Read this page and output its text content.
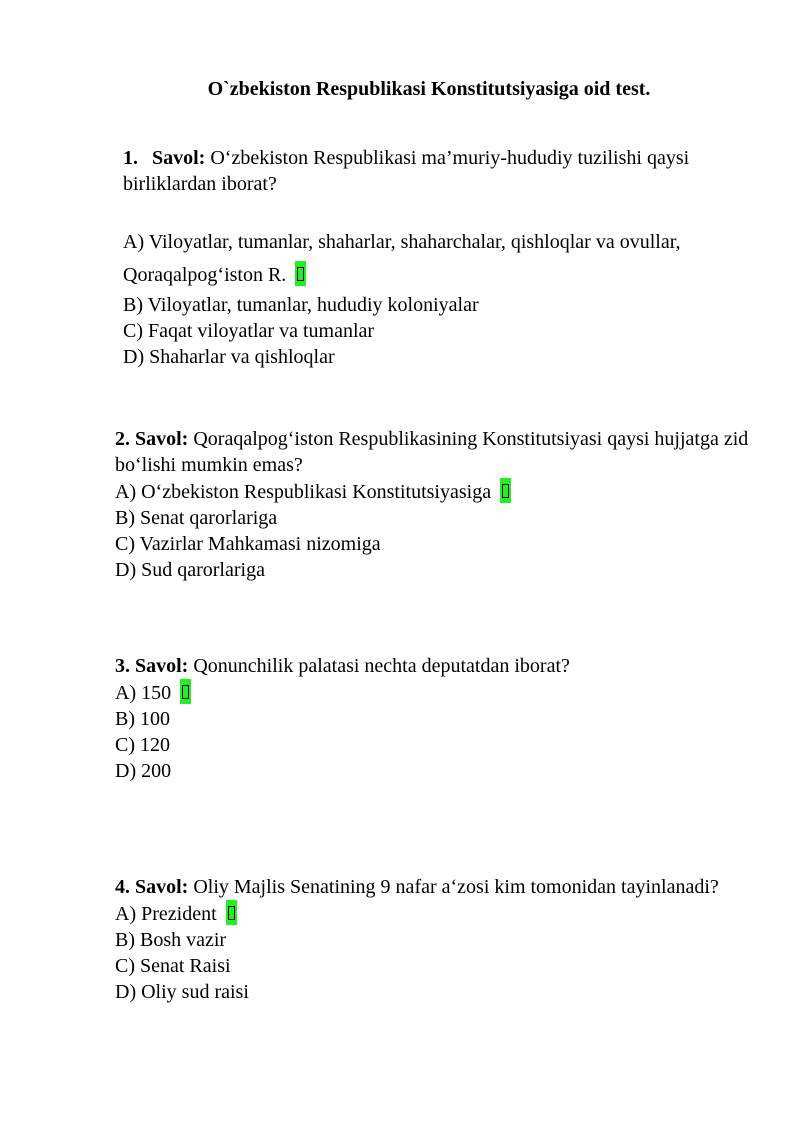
O`zbekiston Respublikasi Konstitutsiyasiga oid test.

1. Savol: O‘zbekiston Respublikasi ma’muriy-hududiy tuzilishi qaysi birliklardan iborat?

A) Viloyatlar, tumanlar, shaharlar, shaharchalar, qishloqlar va ovullar, Qoraqalpog‘iston R.
B) Viloyatlar, tumanlar, hududiy koloniyalar
C) Faqat viloyatlar va tumanlar
D) Shaharlar va qishloqlar

2. Savol: Qoraqalpog‘iston Respublikasining Konstitutsiyasi qaysi hujjatga zid bo‘lishi mumkin emas?

A) O‘zbekiston Respublikasi Konstitutsiyasiga
B) Senat qarorlariga
C) Vazirlar Mahkamasi nizomiga
D) Sud qarorlariga

3. Savol: Qonunchilik palatasi nechta deputatdan iborat?

A) 150
B) 100
C) 120
D) 200

4. Savol: Oliy Majlis Senatining 9 nafar a‘zosi kim tomonidan tayinlanadi?

A) Prezident
B) Bosh vazir
C) Senat Raisi
D) Oliy sud raisi
